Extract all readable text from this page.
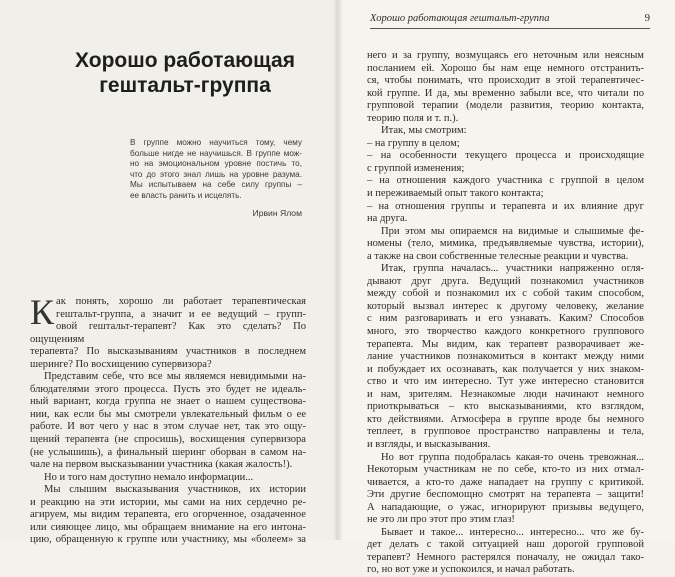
Хорошо работающая
гештальт-группа
В группе можно научиться тому, чему
больше нигде не научишься. В группе мож-
но на эмоциональном уровне постичь то,
что до этого знал лишь на уровне разума.
Мы испытываем на себе силу группы –
ее власть ранить и исцелять.
Ирвин Ялом
К ак понять, хорошо ли работает терапевтическая
гештальт-группа, а значит и ее ведущий – групп-
овой гештальт-терапевт? Как это сделать? По ощущениям
терапевта? По высказываниям участников в последнем
шеринге? По восхищению супервизора?
Представим себе, что все мы являемся невидимыми на-
блюдателями этого процесса. Пусть это будет не идеаль-
ный вариант, когда группа не знает о нашем существова-
нии, как если бы мы смотрели увлекательный фильм о ее
работе. И вот чего у нас в этом случае нет, так это ощу-
щений терапевта (не спросишь), восхищения супервизора
(не услышишь), а финальный шеринг оборван в самом на-
чале на первом высказывании участника (какая жалость!).
Но и того нам доступно немало информации...
Мы слышим высказывания участников, их истории
и реакцию на эти истории, мы сами на них сердечно ре-
агируем, мы видим терапевта, его огорченное, озадаченное
или сияющее лицо, мы обращаем внимание на его интона-
цию, обращенную к группе или участнику, мы «болеем» за
Хорошо работающая гештальт-группа	9
него и за группу, возмущаясь его неточным или неясным
посланием ей. Хорошо бы нам еще немного отстранить-
ся, чтобы понимать, что происходит в этой терапевтичес-
кой группе. И да, мы временно забыли все, что читали по
групповой терапии (модели развития, теорию контакта,
теорию поля и т. п.).
Итак, мы смотрим:
– на группу в целом;
– на особенности текущего процесса и происходящие
с группой изменения;
– на отношения каждого участника с группой в целом
и переживаемый опыт такого контакта;
– на отношения группы и терапевта и их влияние друг
на друга.
При этом мы опираемся на видимые и слышимые фе-
номены (тело, мимика, предъявляемые чувства, истории),
а также на свои собственные телесные реакции и чувства.
Итак, группа началась... участники напряженно огля-
дывают друг друга. Ведущий познакомил участников
между собой и познакомил их с собой таким способом,
который вызвал интерес к другому человеку, желание
с ним разговаривать и его узнавать. Каким? Способов
много, это творчество каждого конкретного группового
терапевта. Мы видим, как терапевт разворачивает же-
лание участников познакомиться в контакт между ними
и побуждает их осознавать, как получается у них знаком-
ство и что им интересно. Тут уже интересно становится
и нам, зрителям. Незнакомые люди начинают немного
приоткрываться – кто высказываниями, кто взглядом,
кто действиями. Атмосфера в группе вроде бы немного
теплеет, в групповое пространство направлены и тела,
и взгляды, и высказывания.
Но вот группа подобралась какая-то очень тревожная...
Некоторым участникам не по себе, кто-то из них отмал-
чивается, а кто-то даже нападает на группу с критикой.
Эти другие беспомощно смотрят на терапевта – защити!
А нападающие, о ужас, игнорируют призывы ведущего,
не это ли про этот про этим глаз!
Бывает и такое... интересно... интересно... что же бу-
дет делать с такой ситуацией наш дорогой групповой
терапевт? Немного растерялся поначалу, не ожидал тако-
го, но вот уже и успокоился, и начал работать.
